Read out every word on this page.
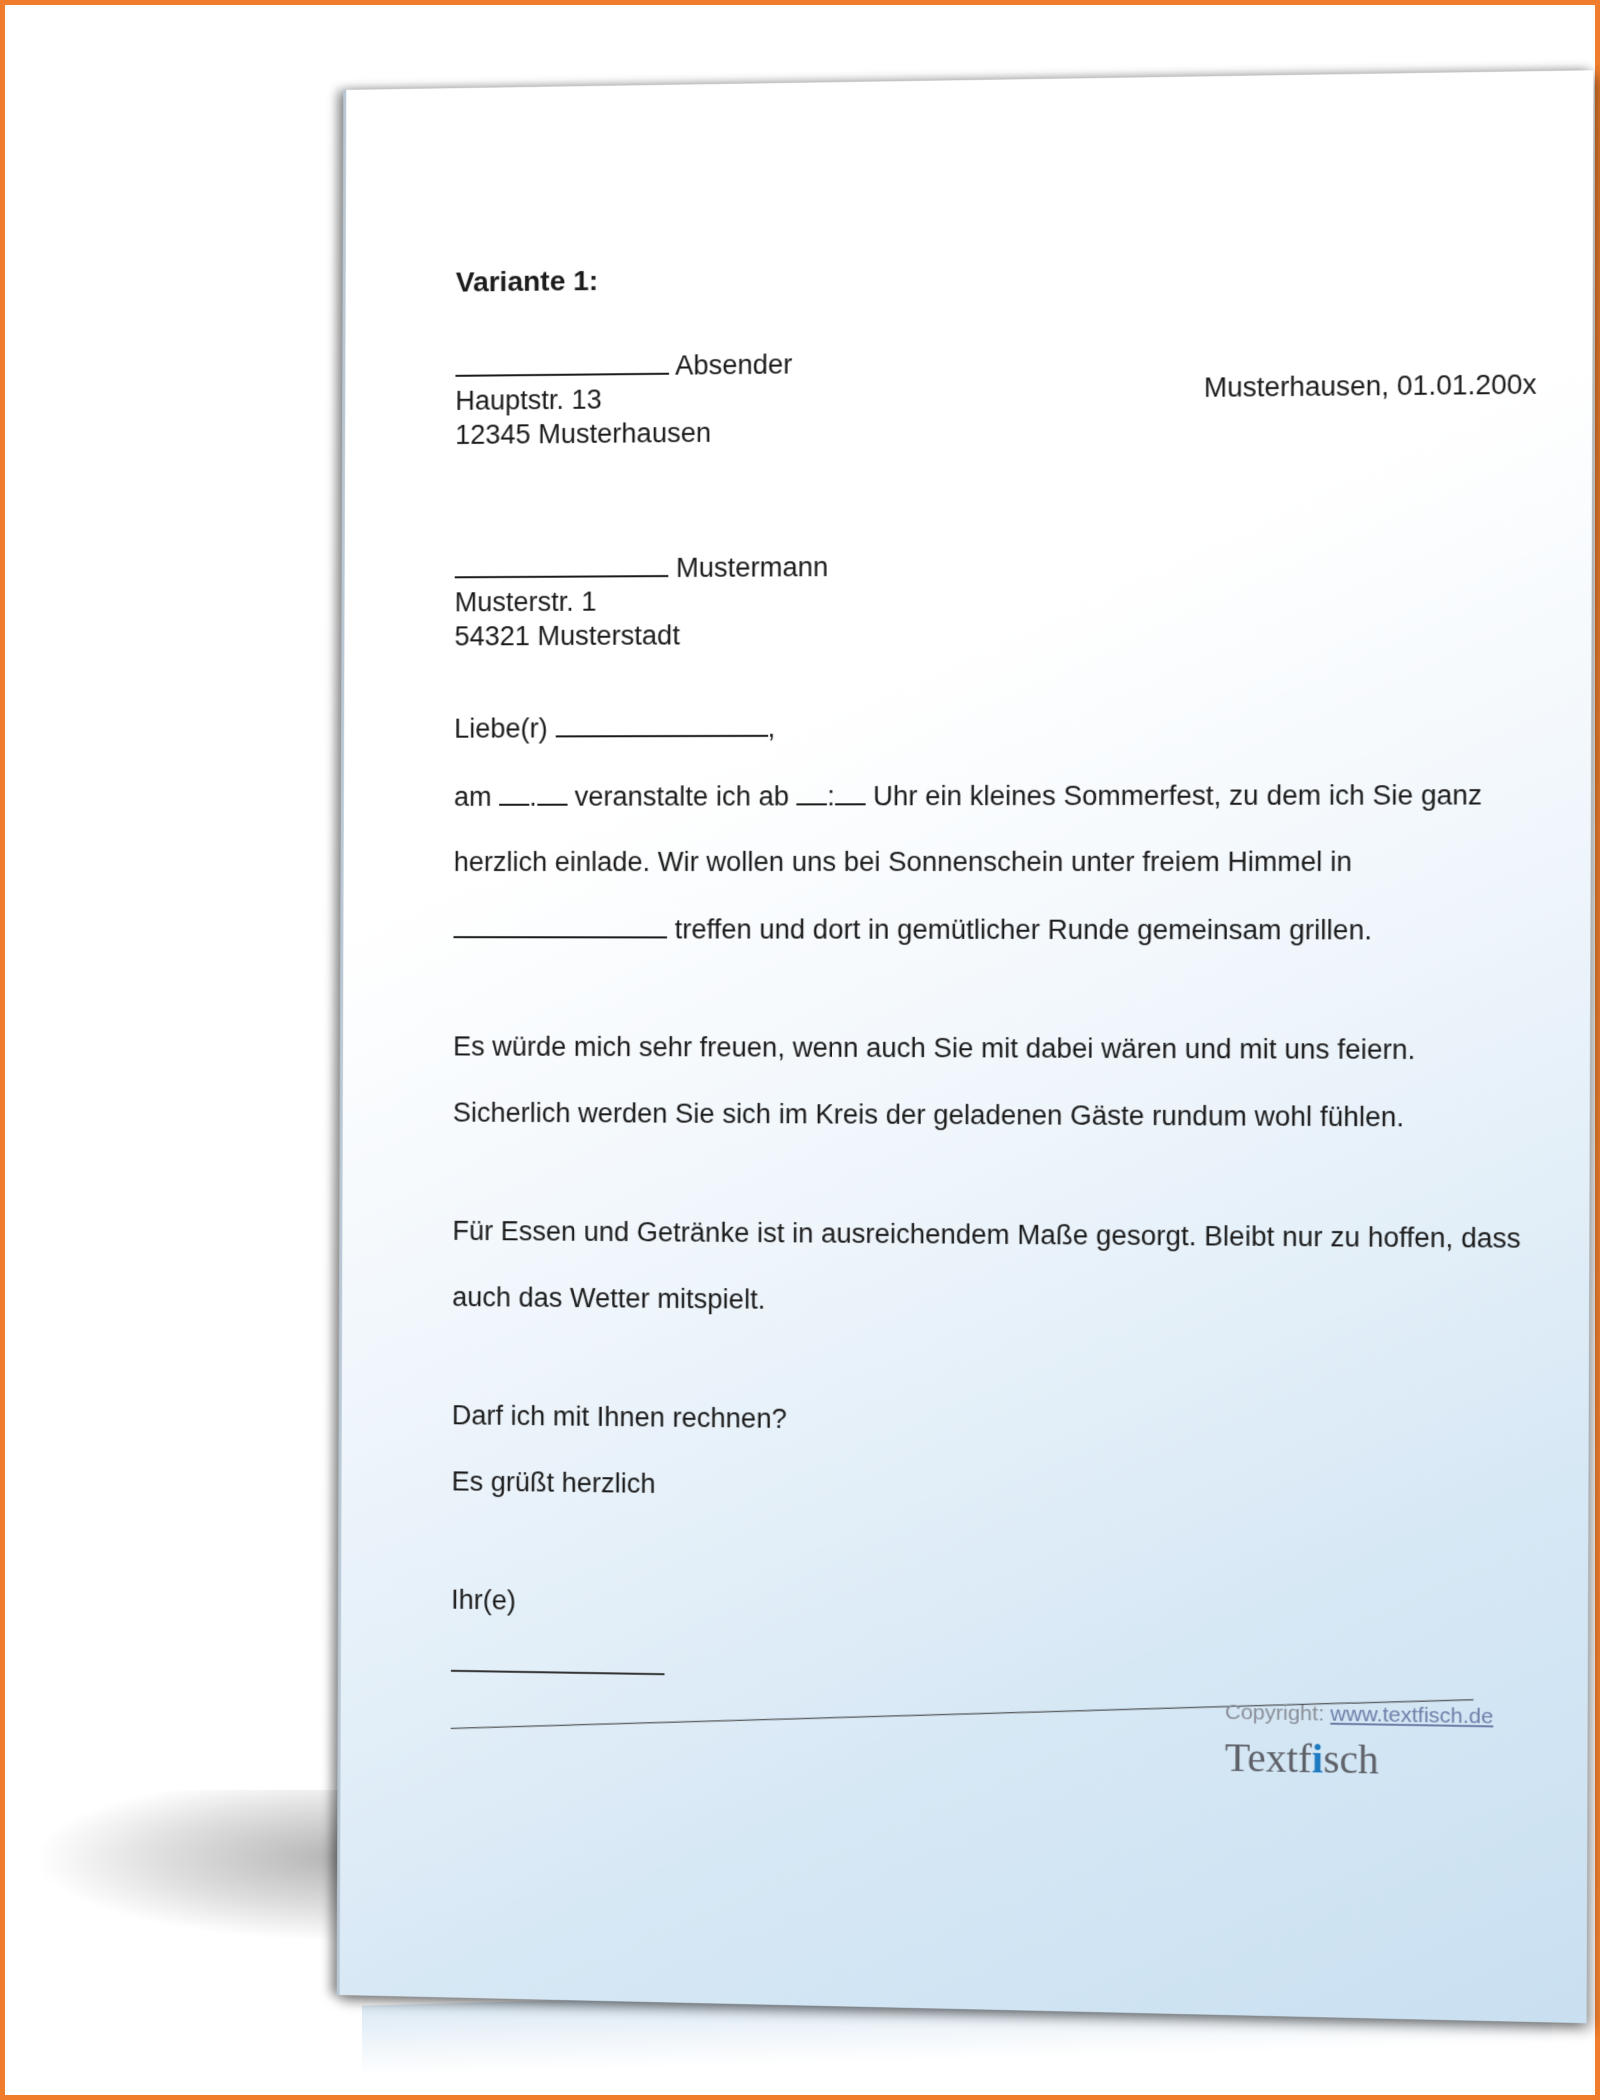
Variante 1:
Absender
Hauptstr. 13
12345 Musterhausen
Musterhausen, 01.01.200x
Mustermann
Musterstr. 1
54321 Musterstadt
Liebe(r)	,
am . veranstalte ich ab : Uhr ein kleines Sommerfest, zu dem ich Sie ganz
herzlich einlade. Wir wollen uns bei Sonnenschein unter freiem Himmel in
treffen und dort in gemütlicher Runde gemeinsam grillen.
Es würde mich sehr freuen, wenn auch Sie mit dabei wären und mit uns feiern.
Sicherlich werden Sie sich im Kreis der geladenen Gäste rundum wohl fühlen.
Für Essen und Getränke ist in ausreichendem Maße gesorgt. Bleibt nur zu hoffen, dass
auch das Wetter mitspielt.
Darf ich mit Ihnen rechnen?
Es grüßt herzlich
Ihr(e)
Copyright: www.textfisch.de
Textfisch
